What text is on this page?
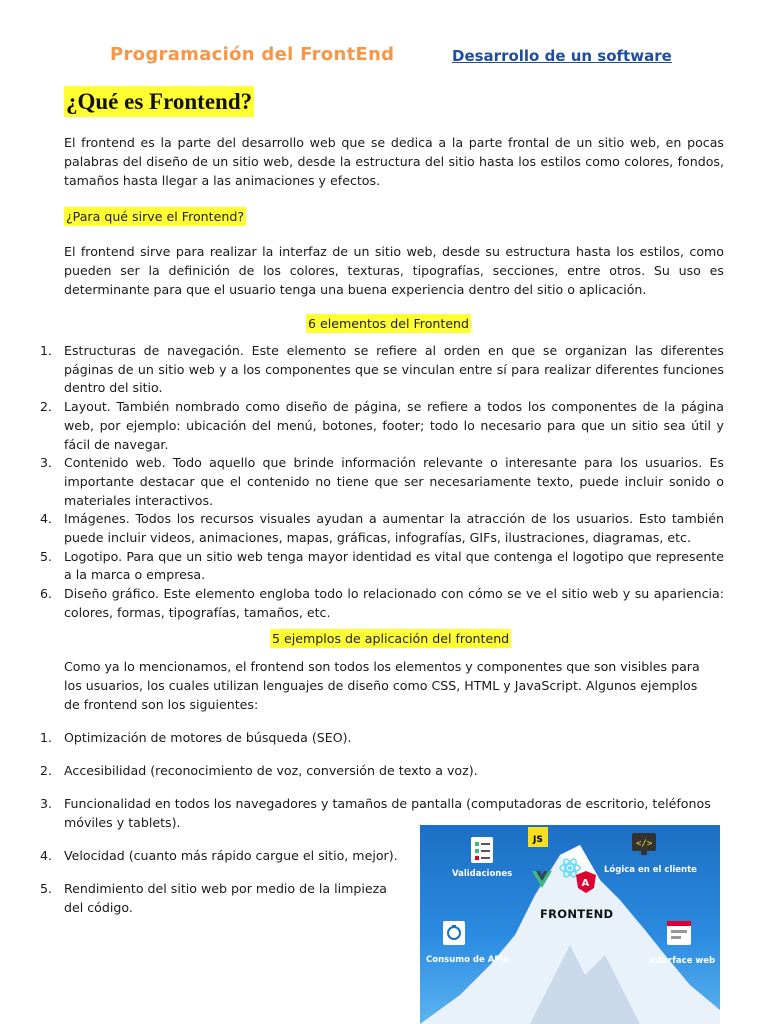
Programación del FrontEnd	Desarrollo de un software
¿Qué es Frontend?

El frontend es la parte del desarrollo web que se dedica a la parte frontal de un sitio web, en pocas palabras del diseño de un sitio web, desde la estructura del sitio hasta los estilos como colores, fondos, tamaños hasta llegar a las animaciones y efectos.

¿Para qué sirve el Frontend?

El frontend sirve para realizar la interfaz de un sitio web, desde su estructura hasta los estilos, como pueden ser la definición de los colores, texturas, tipografías, secciones, entre otros. Su uso es determinante para que el usuario tenga una buena experiencia dentro del sitio o aplicación.

6 elementos del Frontend
1. Estructuras de navegación. Este elemento se refiere al orden en que se organizan las diferentes páginas de un sitio web y a los componentes que se vinculan entre sí para realizar diferentes funciones dentro del sitio.
2. Layout. También nombrado como diseño de página, se refiere a todos los componentes de la página web, por ejemplo: ubicación del menú, botones, footer; todo lo necesario para que un sitio sea útil y fácil de navegar.
3. Contenido web. Todo aquello que brinde información relevante o interesante para los usuarios. Es importante destacar que el contenido no tiene que ser necesariamente texto, puede incluir sonido o materiales interactivos.
4. Imágenes. Todos los recursos visuales ayudan a aumentar la atracción de los usuarios. Esto también puede incluir videos, animaciones, mapas, gráficas, infografías, GIFs, ilustraciones, diagramas, etc.
5. Logotipo. Para que un sitio web tenga mayor identidad es vital que contenga el logotipo que represente a la marca o empresa.
6. Diseño gráfico. Este elemento engloba todo lo relacionado con cómo se ve el sitio web y su apariencia: colores, formas, tipografías, tamaños, etc.
5 ejemplos de aplicación del frontend

Como ya lo mencionamos, el frontend son todos los elementos y componentes que son visibles para los usuarios, los cuales utilizan lenguajes de diseño como CSS, HTML y JavaScript. Algunos ejemplos de frontend son los siguientes:

1. Optimización de motores de búsqueda (SEO).
2. Accesibilidad (reconocimiento de voz, conversión de texto a voz).
3. Funcionalidad en todos los navegadores y tamaños de pantalla (computadoras de escritorio, teléfonos móviles y tablets).
4. Velocidad (cuanto más rápido cargue el sitio, mejor).
5. Rendimiento del sitio web por medio de la limpieza del código.
JS	</>
A
Validaciones	Lógica en el cliente
Consumo de APIs	Interface web
FRONTEND
